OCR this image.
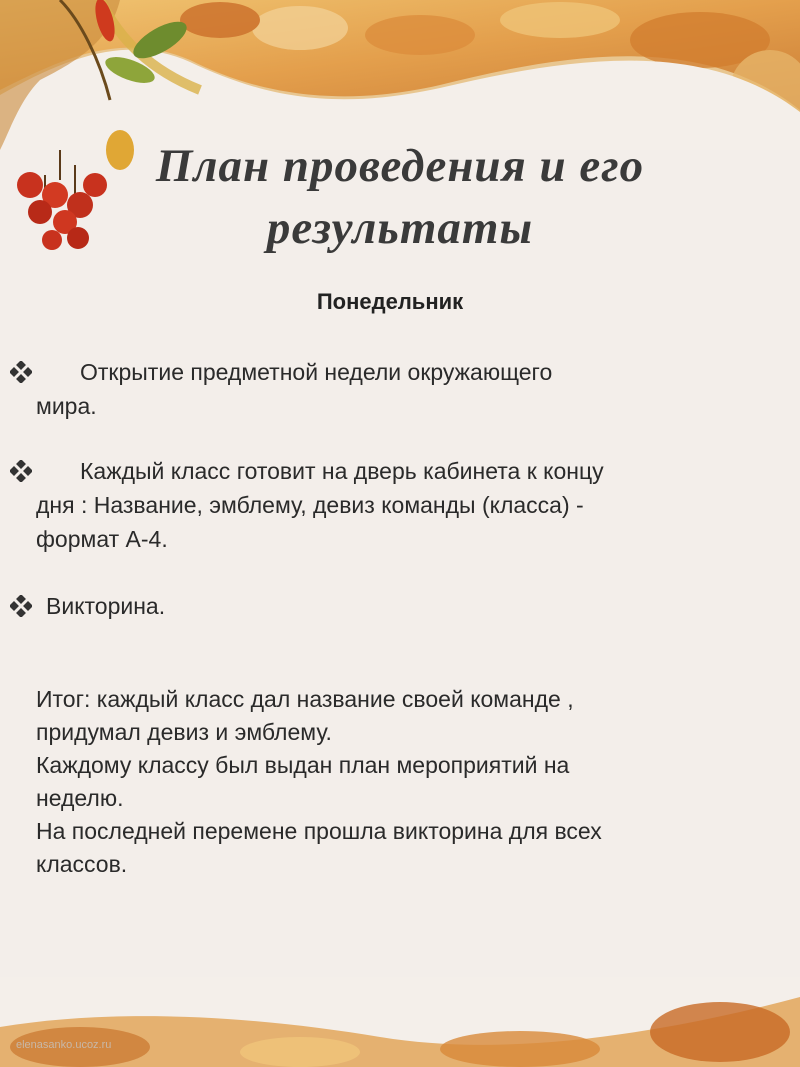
План проведения и его
результаты
Понедельник
Открытие предметной недели окружающего
мира.
Каждый класс готовит на дверь кабинета к концу
дня : Название, эмблему, девиз команды (класса) -
формат А-4.
Викторина.
Итог: каждый класс дал название своей команде ,
придумал девиз и эмблему.
Каждому классу был выдан план мероприятий на
неделю.
На последней перемене прошла викторина для всех
классов.
elenasanko.ucoz.ru
